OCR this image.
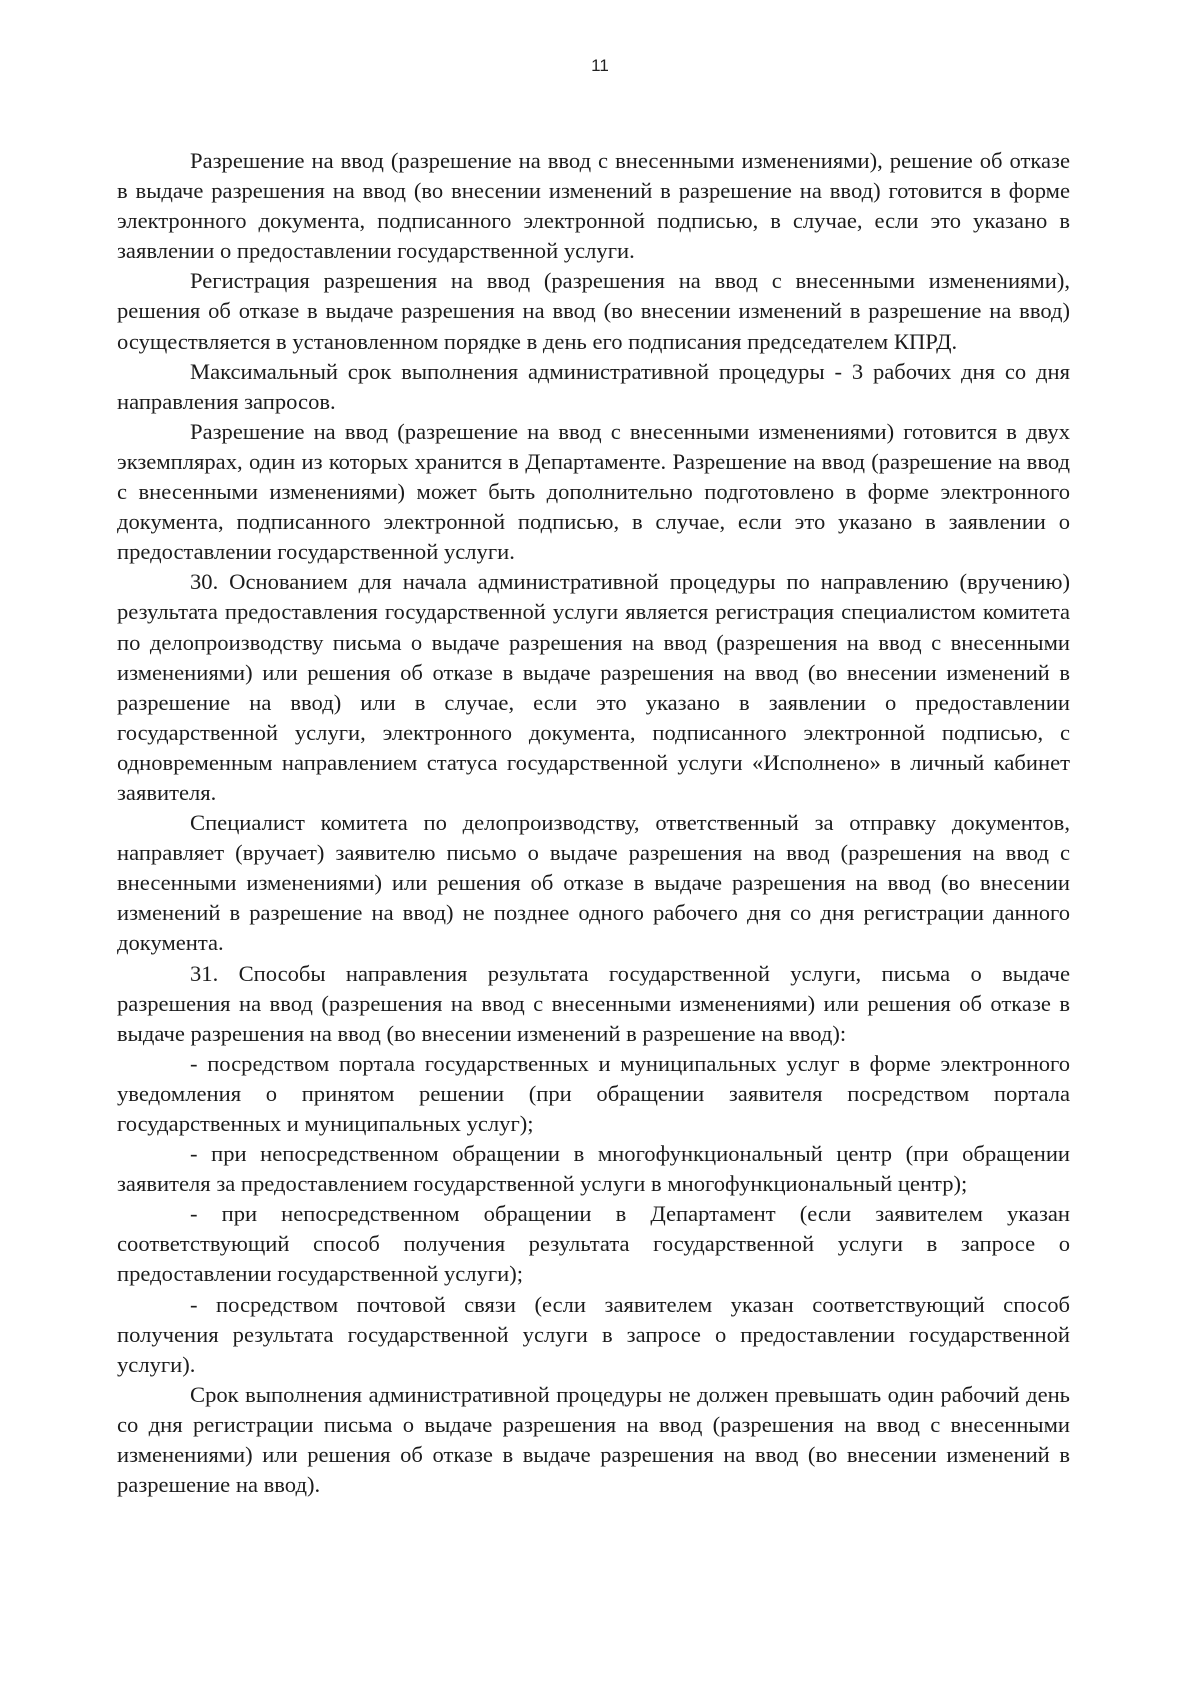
11

Разрешение на ввод (разрешение на ввод с внесенными изменениями), решение об отказе в выдаче разрешения на ввод (во внесении изменений в разрешение на ввод) готовится в форме электронного документа, подписанного электронной подписью, в случае, если это указано в заявлении о предоставлении государственной услуги.

Регистрация разрешения на ввод (разрешения на ввод с внесенными изменениями), решения об отказе в выдаче разрешения на ввод (во внесении изменений в разрешение на ввод) осуществляется в установленном порядке в день его подписания председателем КПРД.

Максимальный срок выполнения административной процедуры - 3 рабочих дня со дня направления запросов.

Разрешение на ввод (разрешение на ввод с внесенными изменениями) готовится в двух экземплярах, один из которых хранится в Департаменте. Разрешение на ввод (разрешение на ввод с внесенными изменениями) может быть дополнительно подготовлено в форме электронного документа, подписанного электронной подписью, в случае, если это указано в заявлении о предоставлении государственной услуги.

30. Основанием для начала административной процедуры по направлению (вручению) результата предоставления государственной услуги является регистрация специалистом комитета по делопроизводству письма о выдаче разрешения на ввод (разрешения на ввод с внесенными изменениями) или решения об отказе в выдаче разрешения на ввод (во внесении изменений в разрешение на ввод) или в случае, если это указано в заявлении о предоставлении государственной услуги, электронного документа, подписанного электронной подписью, с одновременным направлением статуса государственной услуги «Исполнено» в личный кабинет заявителя.

Специалист комитета по делопроизводству, ответственный за отправку документов, направляет (вручает) заявителю письмо о выдаче разрешения на ввод (разрешения на ввод с внесенными изменениями) или решения об отказе в выдаче разрешения на ввод (во внесении изменений в разрешение на ввод) не позднее одного рабочего дня со дня регистрации данного документа.

31. Способы направления результата государственной услуги, письма о выдаче разрешения на ввод (разрешения на ввод с внесенными изменениями) или решения об отказе в выдаче разрешения на ввод (во внесении изменений в разрешение на ввод):

- посредством портала государственных и муниципальных услуг в форме электронного уведомления о принятом решении (при обращении заявителя посредством портала государственных и муниципальных услуг);

- при непосредственном обращении в многофункциональный центр (при обращении заявителя за предоставлением государственной услуги в многофункциональный центр);

- при непосредственном обращении в Департамент (если заявителем указан соответствующий способ получения результата государственной услуги в запросе о предоставлении государственной услуги);

- посредством почтовой связи (если заявителем указан соответствующий способ получения результата государственной услуги в запросе о предоставлении государственной услуги).

Срок выполнения административной процедуры не должен превышать один рабочий день со дня регистрации письма о выдаче разрешения на ввод (разрешения на ввод с внесенными изменениями) или решения об отказе в выдаче разрешения на ввод (во внесении изменений в разрешение на ввод).
